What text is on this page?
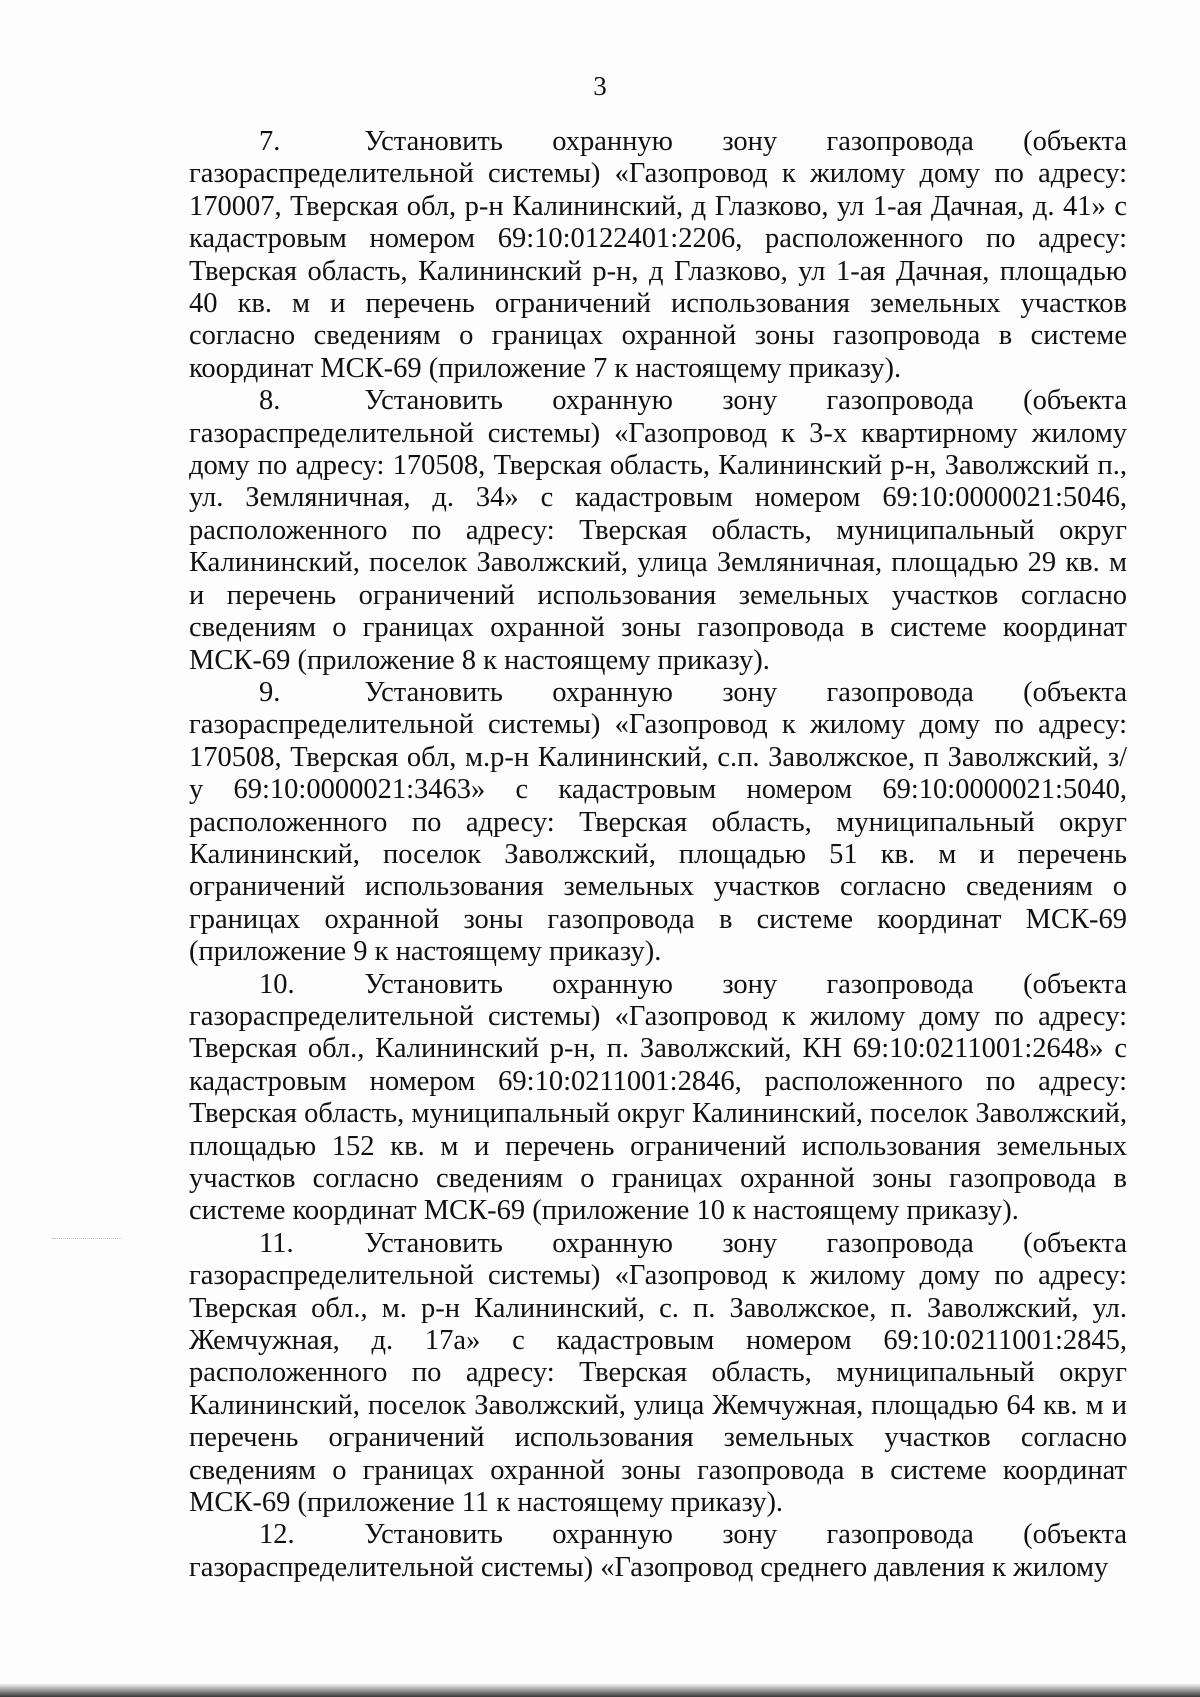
3

7.	Установить охранную зону газопровода (объекта газораспределительной системы) «Газопровод к жилому дому по адресу: 170007, Тверская обл, р-н Калининский, д Глазково, ул 1-ая Дачная, д. 41» с кадастровым номером 69:10:0122401:2206, расположенного по адресу: Тверская область, Калининский р-н, д Глазково, ул 1-ая Дачная, площадью 40 кв. м и перечень ограничений использования земельных участков согласно сведениям о границах охранной зоны газопровода в системе координат МСК-69 (приложение 7 к настоящему приказу).

8.	Установить охранную зону газопровода (объекта газораспределительной системы) «Газопровод к 3-х квартирному жилому дому по адресу: 170508, Тверская область, Калининский р-н, Заволжский п., ул. Земляничная, д. 34» с кадастровым номером 69:10:0000021:5046, расположенного по адресу: Тверская область, муниципальный округ Калининский, поселок Заволжский, улица Земляничная, площадью 29 кв. м и перечень ограничений использования земельных участков согласно сведениям о границах охранной зоны газопровода в системе координат МСК-69 (приложение 8 к настоящему приказу).

9.	Установить охранную зону газопровода (объекта газораспределительной системы) «Газопровод к жилому дому по адресу: 170508, Тверская обл, м.р-н Калининский, с.п. Заволжское, п Заволжский, з/у 69:10:0000021:3463» с кадастровым номером 69:10:0000021:5040, расположенного по адресу: Тверская область, муниципальный округ Калининский, поселок Заволжский, площадью 51 кв. м и перечень ограничений использования земельных участков согласно сведениям о границах охранной зоны газопровода в системе координат МСК-69 (приложение 9 к настоящему приказу).

10. Установить охранную зону газопровода (объекта газораспределительной системы) «Газопровод к жилому дому по адресу: Тверская обл., Калининский р-н, п. Заволжский, КН 69:10:0211001:2648» с кадастровым номером 69:10:0211001:2846, расположенного по адресу: Тверская область, муниципальный округ Калининский, поселок Заволжский, площадью 152 кв. м и перечень ограничений использования земельных участков согласно сведениям о границах охранной зоны газопровода в системе координат МСК-69 (приложение 10 к настоящему приказу).

11. Установить охранную зону газопровода (объекта газораспределительной системы) «Газопровод к жилому дому по адресу: Тверская обл., м. р-н Калининский, с. п. Заволжское, п. Заволжский, ул. Жемчужная, д. 17а» с кадастровым номером 69:10:0211001:2845, расположенного по адресу: Тверская область, муниципальный округ Калининский, поселок Заволжский, улица Жемчужная, площадью 64 кв. м и перечень ограничений использования земельных участков согласно сведениям о границах охранной зоны газопровода в системе координат МСК-69 (приложение 11 к настоящему приказу).

12. Установить охранную зону газопровода (объекта газораспределительной системы) «Газопровод среднего давления к жилому
